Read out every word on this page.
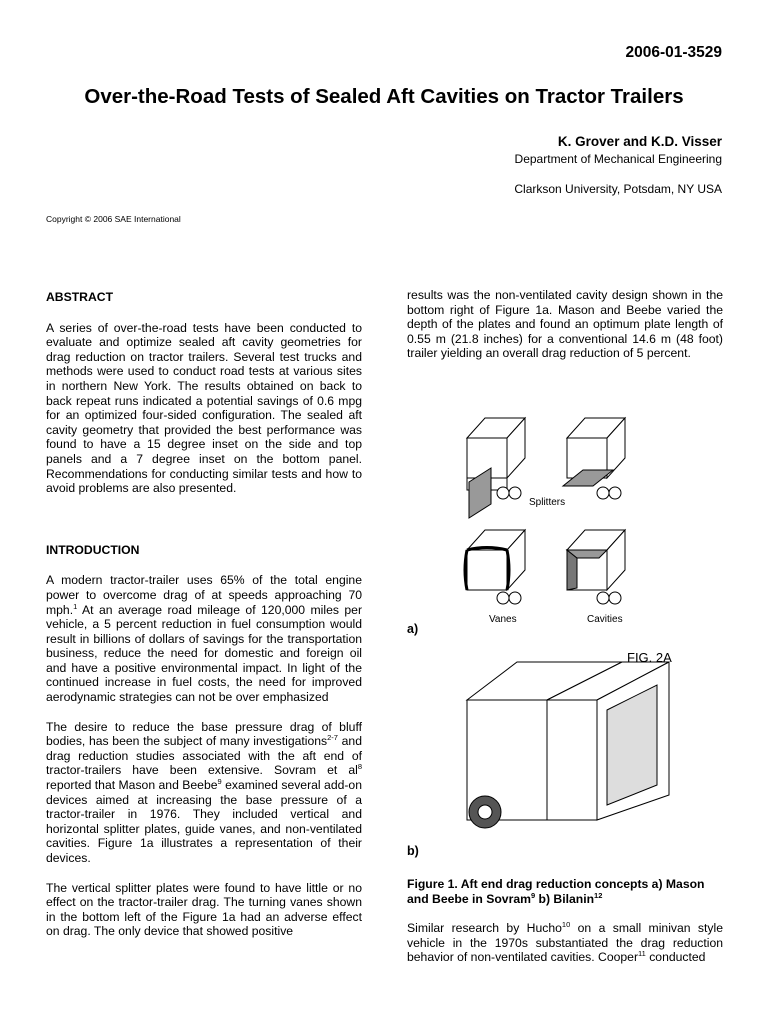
2006-01-3529
Over-the-Road Tests of Sealed Aft Cavities on Tractor Trailers
K. Grover and K.D. Visser
Department of Mechanical Engineering
Clarkson University, Potsdam, NY USA
Copyright © 2006 SAE International

ABSTRACT

A series of over-the-road tests have been conducted to evaluate and optimize sealed aft cavity geometries for drag reduction on tractor trailers. Several test trucks and methods were used to conduct road tests at various sites in northern New York. The results obtained on back to back repeat runs indicated a potential savings of 0.6 mpg for an optimized four-sided configuration. The sealed aft cavity geometry that provided the best performance was found to have a 15 degree inset on the side and top panels and a 7 degree inset on the bottom panel. Recommendations for conducting similar tests and how to avoid problems are also presented.

INTRODUCTION

A modern tractor-trailer uses 65% of the total engine power to overcome drag of at speeds approaching 70 mph.$^1$ At an average road mileage of 120,000 miles per vehicle, a 5 percent reduction in fuel consumption would result in billions of dollars of savings for the transportation business, reduce the need for domestic and foreign oil and have a positive environmental impact. In light of the continued increase in fuel costs, the need for improved aerodynamic strategies can not be over emphasized

The desire to reduce the base pressure drag of bluff bodies, has been the subject of many investigations$^{2-7}$ and drag reduction studies associated with the aft end of tractor-trailers have been extensive. Sovram et $al^8$ reported that Mason and Beebe$^9$ examined several add-on devices aimed at increasing the base pressure of a tractor-trailer in 1976. They included vertical and horizontal splitter plates, guide vanes, and non-ventilated cavities. Figure 1a illustrates a representation of their devices.

The vertical splitter plates were found to have little or no effect on the tractor-trailer drag. The turning vanes shown in the bottom left of the Figure 1a had an adverse effect on drag. The only device that showed positive

results was the non-ventilated cavity design shown in the bottom right of Figure 1a. Mason and Beebe varied the depth of the plates and found an optimum plate length of 0.55 m (21.8 inches) for a conventional 14.6 m (48 foot) trailer yielding an overall drag reduction of 5 percent.

Splitters
Vanes	Cavities
FIG. 2A
a)
b)
Figure 1. Aft end drag reduction concepts a) Mason and Beebe in Sovram$^9$ b) Bilanin$^{12}$
Similar research by Hucho$^{10}$ on a small minivan style vehicle in the 1970s substantiated the drag reduction behavior of non-ventilated cavities. Cooper$^{11}$ conducted
